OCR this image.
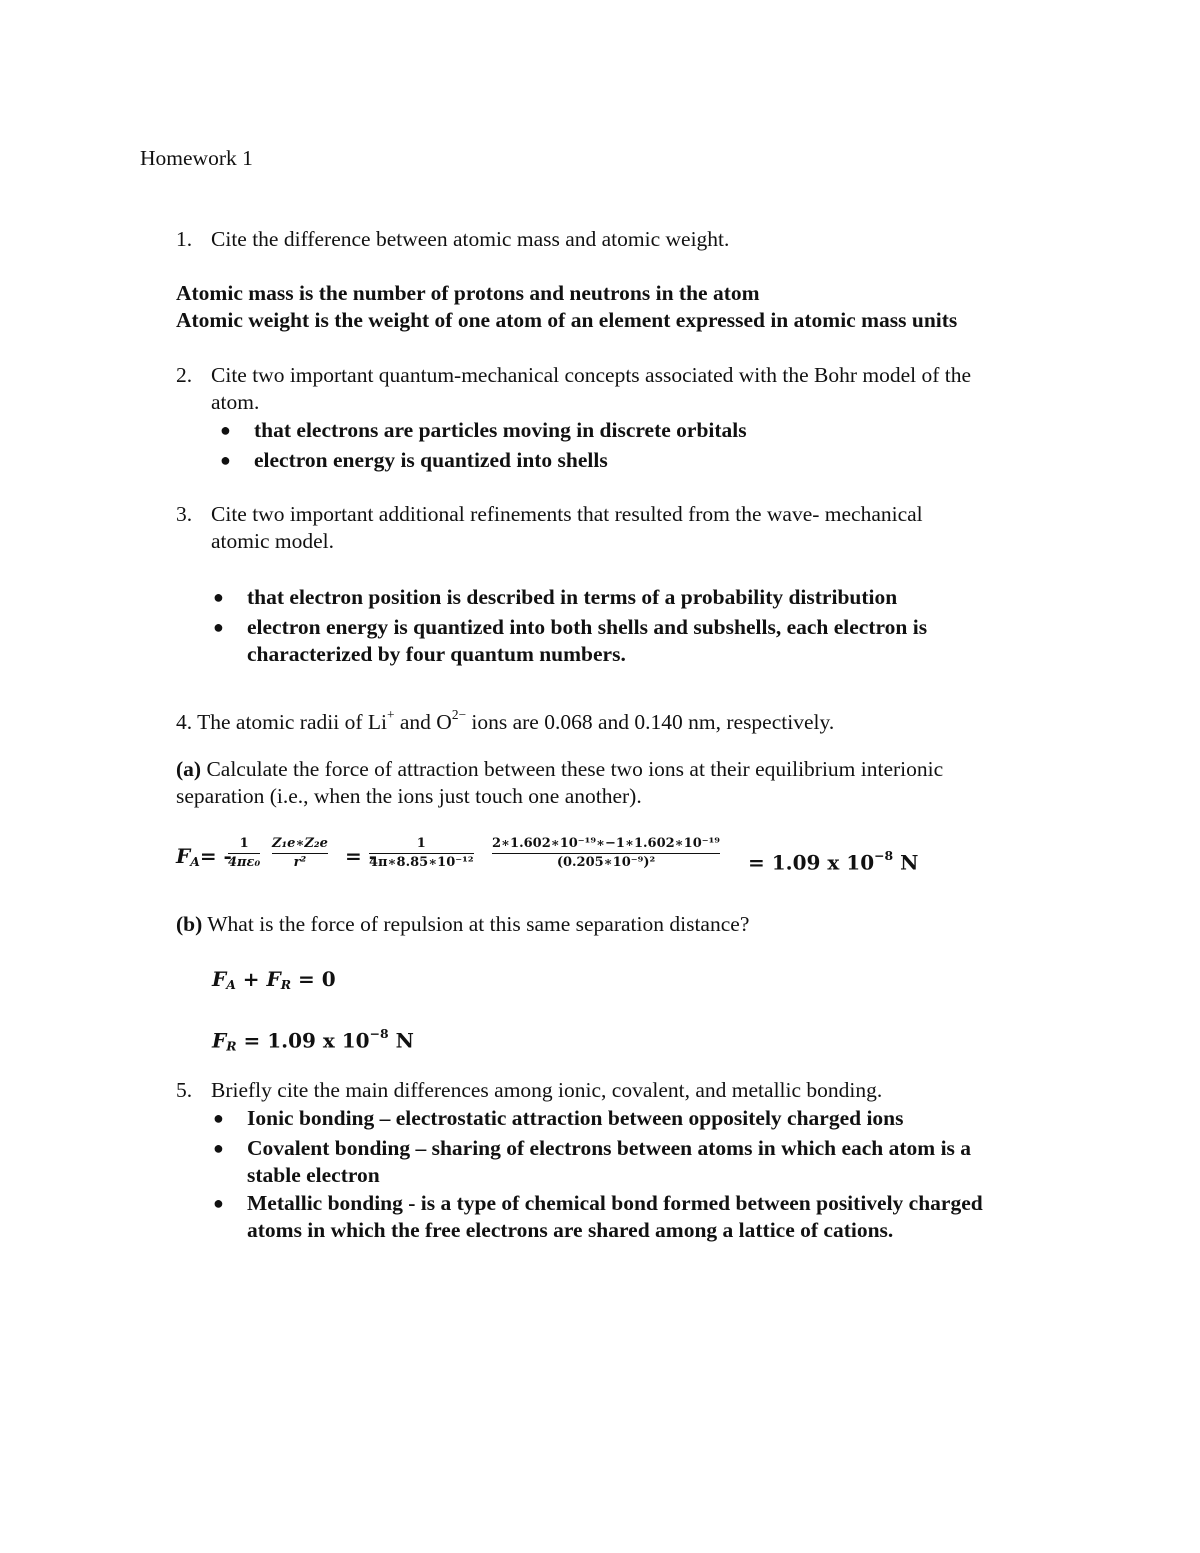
Homework 1
1. Cite the difference between atomic mass and atomic weight.
Atomic mass is the number of protons and neutrons in the atom
Atomic weight is the weight of one atom of an element expressed in atomic mass units
2. Cite two important quantum-mechanical concepts associated with the Bohr model of the
atom.
● that electrons are particles moving in discrete orbitals
● electron energy is quantized into shells
3. Cite two important additional refinements that resulted from the wave- mechanical
atomic model.
● that electron position is described in terms of a probability distribution
● electron energy is quantized into both shells and subshells, each electron is
characterized by four quantum numbers.
4. The atomic radii of Li+ and $O^{2-}$ ions are 0.068 and 0.140 nm, respectively.
(a) Calculate the force of attraction between these two ions at their equilibrium interionic
separation (i.e., when the ions just touch one another).
$F_A=$ -
1
4πε₀
Z₁e∗Z₂e
r² = -
1
4π∗8.85∗10⁻¹²
2∗1.602∗10⁻¹⁹∗−1∗1.602∗10⁻¹⁹
(0.205∗10⁻⁹)²	= 1.09 x $10^{-8}$ N
(b) What is the force of repulsion at this same separation distance?
$F_A + F_R = 0$
$F_R = 1.09$ x $10^{-8}$ N
5. Briefly cite the main differences among ionic, covalent, and metallic bonding.
● Ionic bonding – electrostatic attraction between oppositely charged ions
● Covalent bonding – sharing of electrons between atoms in which each atom is a
stable electron
● Metallic bonding - is a type of chemical bond formed between positively charged
atoms in which the free electrons are shared among a lattice of cations.
